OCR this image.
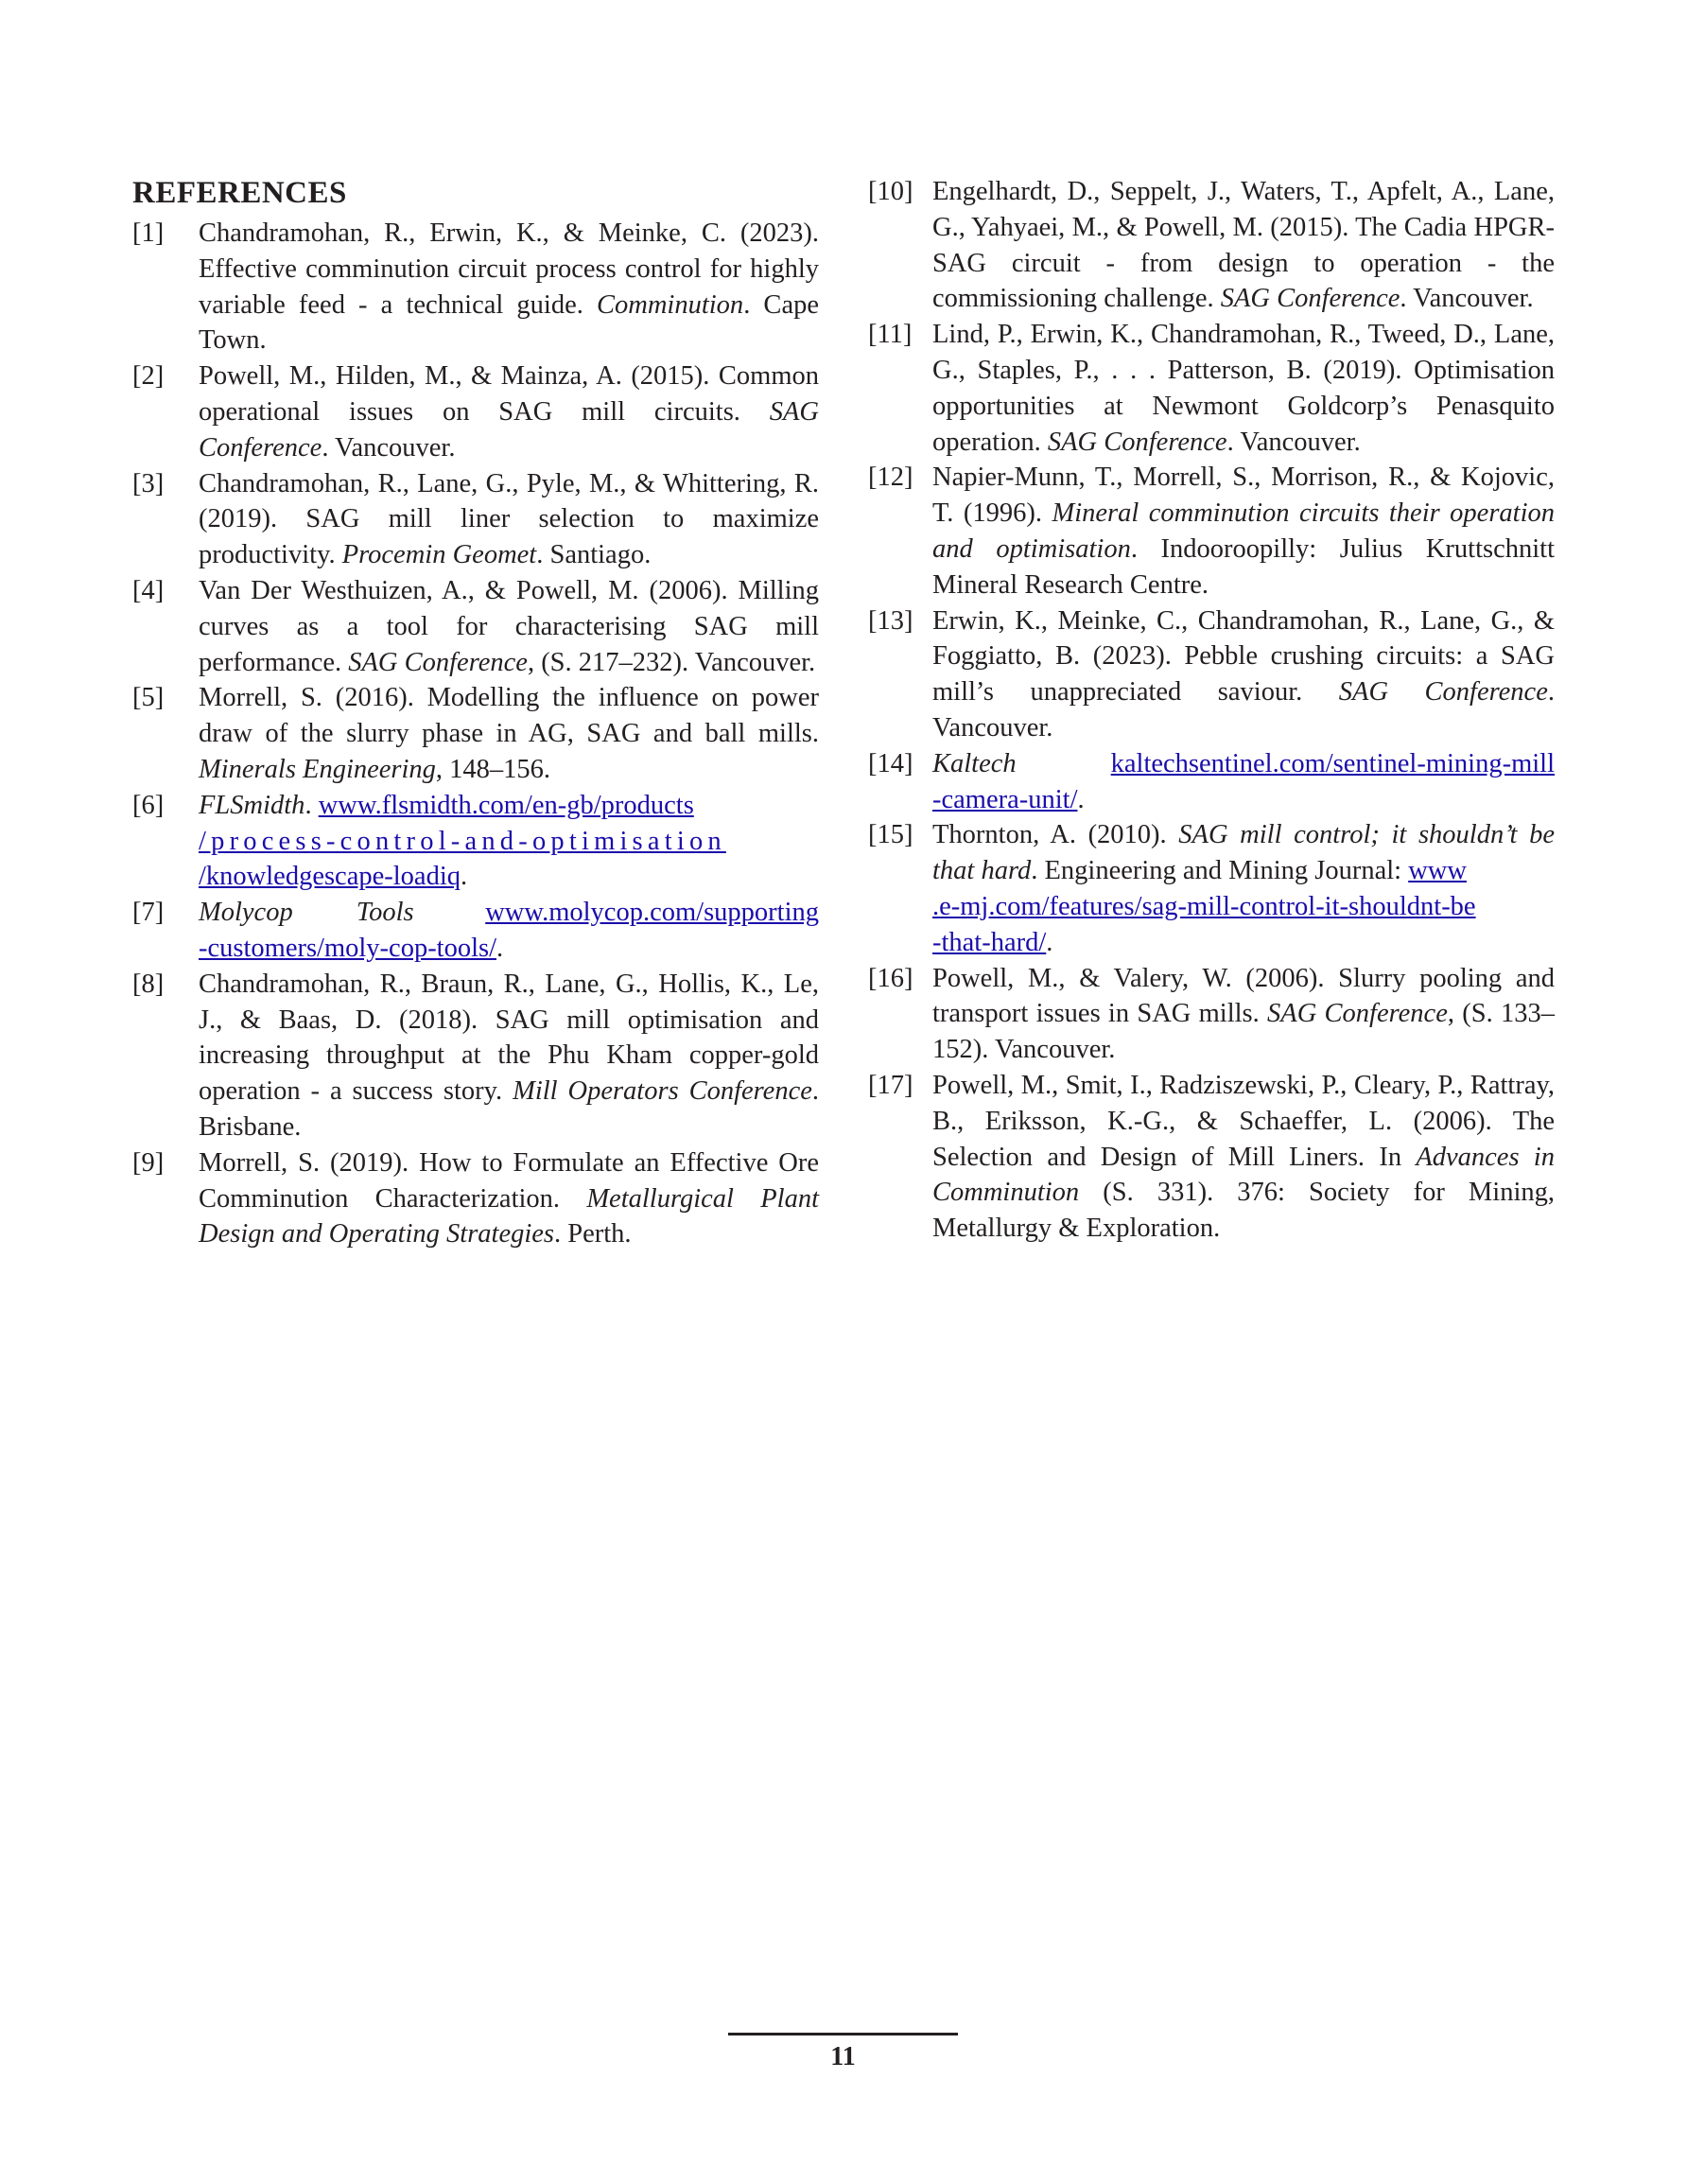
REFERENCES
[1]	Chandramohan, R., Erwin, K., & Meinke, C. (2023). Effective comminution circuit process control for highly variable feed - a technical guide. Comminution. Cape Town.
[2]	Powell, M., Hilden, M., & Mainza, A. (2015). Common operational issues on SAG mill circuits. SAG Conference. Vancouver.
[3]	Chandramohan, R., Lane, G., Pyle, M., & Whittering, R. (2019). SAG mill liner selection to maximize productivity. Procemin Geomet. Santiago.
[4]	Van Der Westhuizen, A., & Powell, M. (2006). Milling curves as a tool for characterising SAG mill performance. SAG Conference, (S. 217–232). Vancouver.
[5]	Morrell, S. (2016). Modelling the influence on power draw of the slurry phase in AG, SAG and ball mills. Minerals Engineering, 148–156.
[6]	FLSmidth. www.flsmidth.com/en-gb/products
/process-control-and-optimisation
/knowledgescape-loadiq.
[7]	Molycop Tools	www.molycop.com/supporting
-customers/moly-cop-tools/.
[8]	Chandramohan, R., Braun, R., Lane, G., Hollis, K., Le, J., & Baas, D. (2018). SAG mill optimisation and increasing throughput at the Phu Kham copper-gold operation - a success story. Mill Operators Conference. Brisbane.
[9]	Morrell, S. (2019). How to Formulate an Effective Ore Comminution Characterization. Metallurgical Plant Design and Operating Strategies. Perth.
[10] Engelhardt, D., Seppelt, J., Waters, T., Apfelt, A., Lane, G., Yahyaei, M., & Powell, M. (2015). The Cadia HPGR-SAG circuit - from design to operation - the commissioning challenge. SAG Conference. Vancouver.
[11] Lind, P., Erwin, K., Chandramohan, R., Tweed, D., Lane, G., Staples, P., . . . Patterson, B. (2019). Optimisation opportunities at Newmont Goldcorp’s Penasquito operation. SAG Conference. Vancouver.
[12] Napier-Munn, T., Morrell, S., Morrison, R., & Kojovic, T. (1996). Mineral comminution circuits their operation and optimisation. Indooroopilly: Julius Kruttschnitt Mineral Research Centre.
[13] Erwin, K., Meinke, C., Chandramohan, R., Lane, G., & Foggiatto, B. (2023). Pebble crushing circuits: a SAG mill’s unappreciated saviour. SAG Conference. Vancouver.
[14] Kaltech	kaltechsentinel.com/sentinel-mining-mill
-camera-unit/.
[15] Thornton, A. (2010). SAG mill control; it shouldn’t be that hard. Engineering and Mining Journal: www
.e-mj.com/features/sag-mill-control-it-shouldnt-be
-that-hard/.
[16] Powell, M., & Valery, W. (2006). Slurry pooling and transport issues in SAG mills. SAG Conference, (S. 133–152). Vancouver.
[17] Powell, M., Smit, I., Radziszewski, P., Cleary, P., Rattray, B., Eriksson, K.-G., & Schaeffer, L. (2006). The Selection and Design of Mill Liners. In Advances in Comminution (S. 331). 376: Society for Mining, Metallurgy & Exploration.
11
